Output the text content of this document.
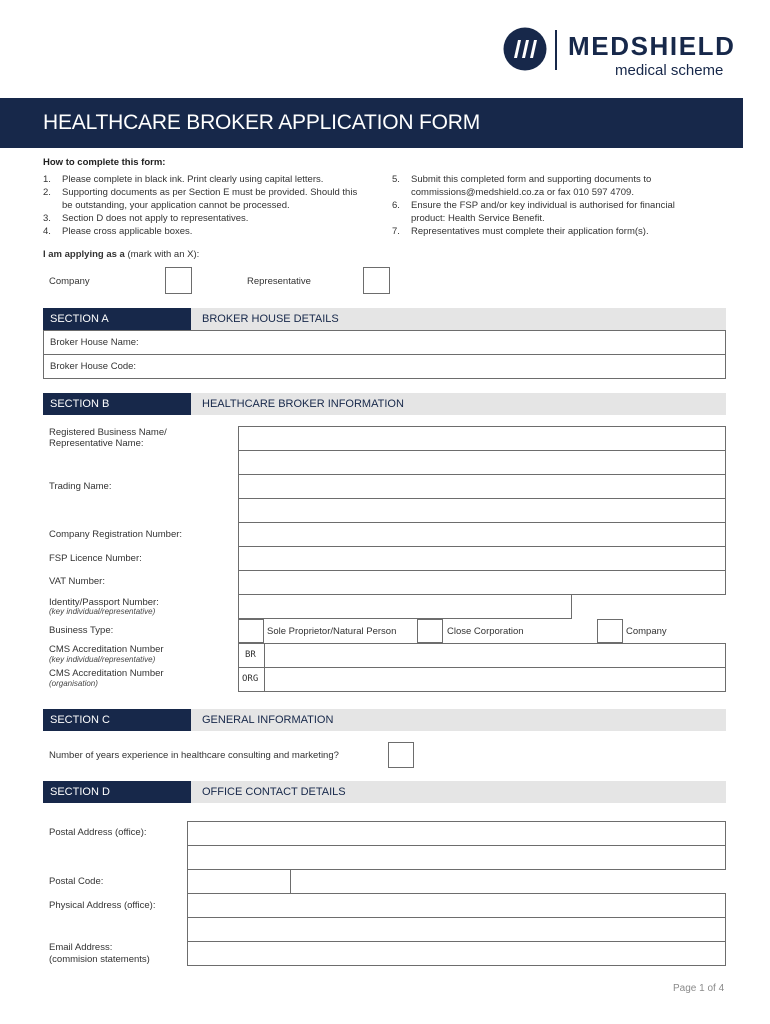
MEDSHIELD
medical scheme
HEALTHCARE BROKER APPLICATION FORM
How to complete this form:
1. Please complete in black ink. Print clearly using capital letters.
2. Supporting documents as per Section E must be provided. Should this
be outstanding, your application cannot be processed.
3. Section D does not apply to representatives.
4. Please cross applicable boxes.
5. Submit this completed form and supporting documents to
commissions@medshield.co.za or fax 010 597 4709.
6. Ensure the FSP and/or key individual is authorised for financial
product: Health Service Benefit.
7. Representatives must complete their application form(s).
I am applying as a (mark with an X):
Company	Representative
SECTION A	BROKER HOUSE DETAILS
Broker House Name:
Broker House Code:
SECTION B	HEALTHCARE BROKER INFORMATION
Registered Business Name/
Representative Name:
Trading Name:
Company Registration Number:
FSP Licence Number:
VAT Number:
Identity/Passport Number:
(key individual/representative)
Business Type:	Sole Proprietor/Natural Person	Close Corporation	Company
CMS Accreditation Number
(key individual/representative)	BR
CMS Accreditation Number
(organisation)	ORG
SECTION C	GENERAL INFORMATION
Number of years experience in healthcare consulting and marketing?
SECTION D	OFFICE CONTACT DETAILS
Postal Address (office):
Postal Code:
Physical Address (office):
Email Address:
(commision statements)
Page 1 of 4
